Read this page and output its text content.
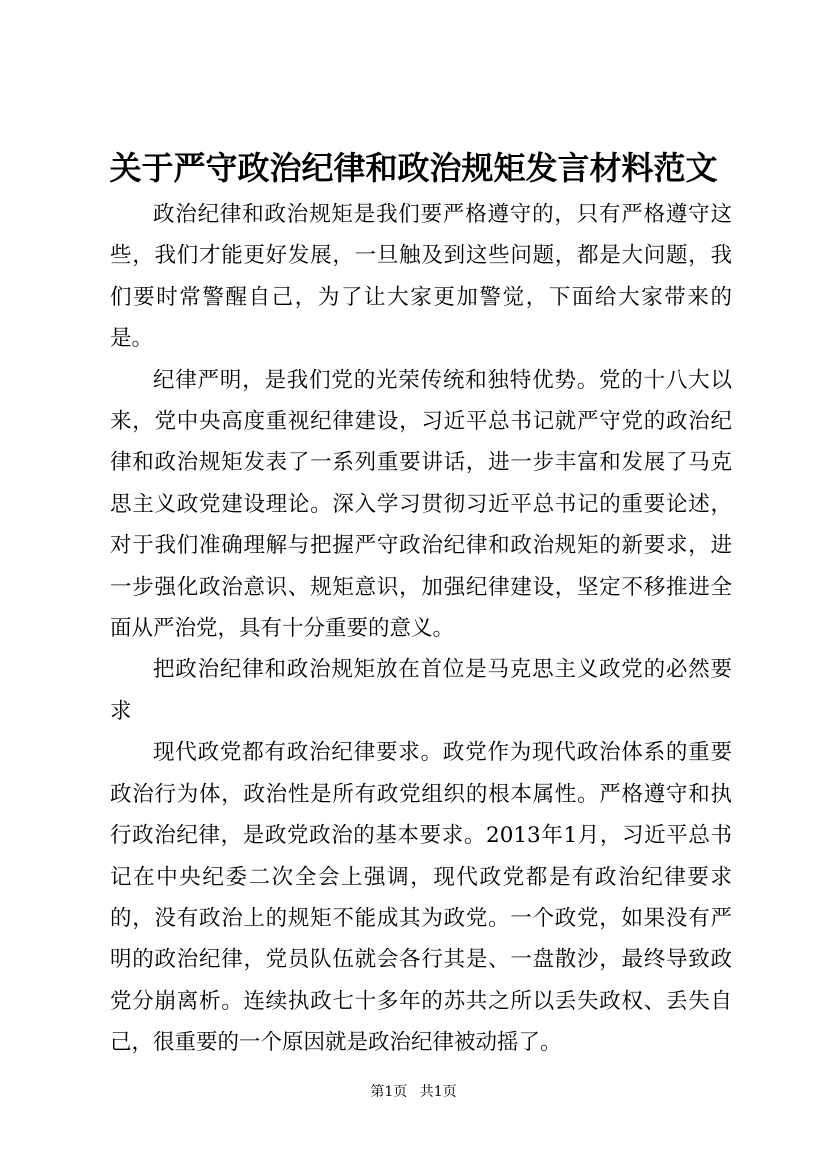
关于严守政治纪律和政治规矩发言材料范文

政治纪律和政治规矩是我们要严格遵守的，只有严格遵守这些，我们才能更好发展，一旦触及到这些问题，都是大问题，我们要时常警醒自己，为了让大家更加警觉，下面给大家带来的是。

纪律严明，是我们党的光荣传统和独特优势。党的十八大以来，党中央高度重视纪律建设，习近平总书记就严守党的政治纪律和政治规矩发表了一系列重要讲话，进一步丰富和发展了马克思主义政党建设理论。深入学习贯彻习近平总书记的重要论述，对于我们准确理解与把握严守政治纪律和政治规矩的新要求，进一步强化政治意识、规矩意识，加强纪律建设，坚定不移推进全面从严治党，具有十分重要的意义。

把政治纪律和政治规矩放在首位是马克思主义政党的必然要求

现代政党都有政治纪律要求。政党作为现代政治体系的重要政治行为体，政治性是所有政党组织的根本属性。严格遵守和执行政治纪律，是政党政治的基本要求。2013年1月，习近平总书记在中央纪委二次全会上强调，现代政党都是有政治纪律要求的，没有政治上的规矩不能成其为政党。一个政党，如果没有严明的政治纪律，党员队伍就会各行其是、一盘散沙，最终导致政党分崩离析。连续执政七十多年的苏共之所以丢失政权、丢失自己，很重要的一个原因就是政治纪律被动摇了。

第1页 共1页
